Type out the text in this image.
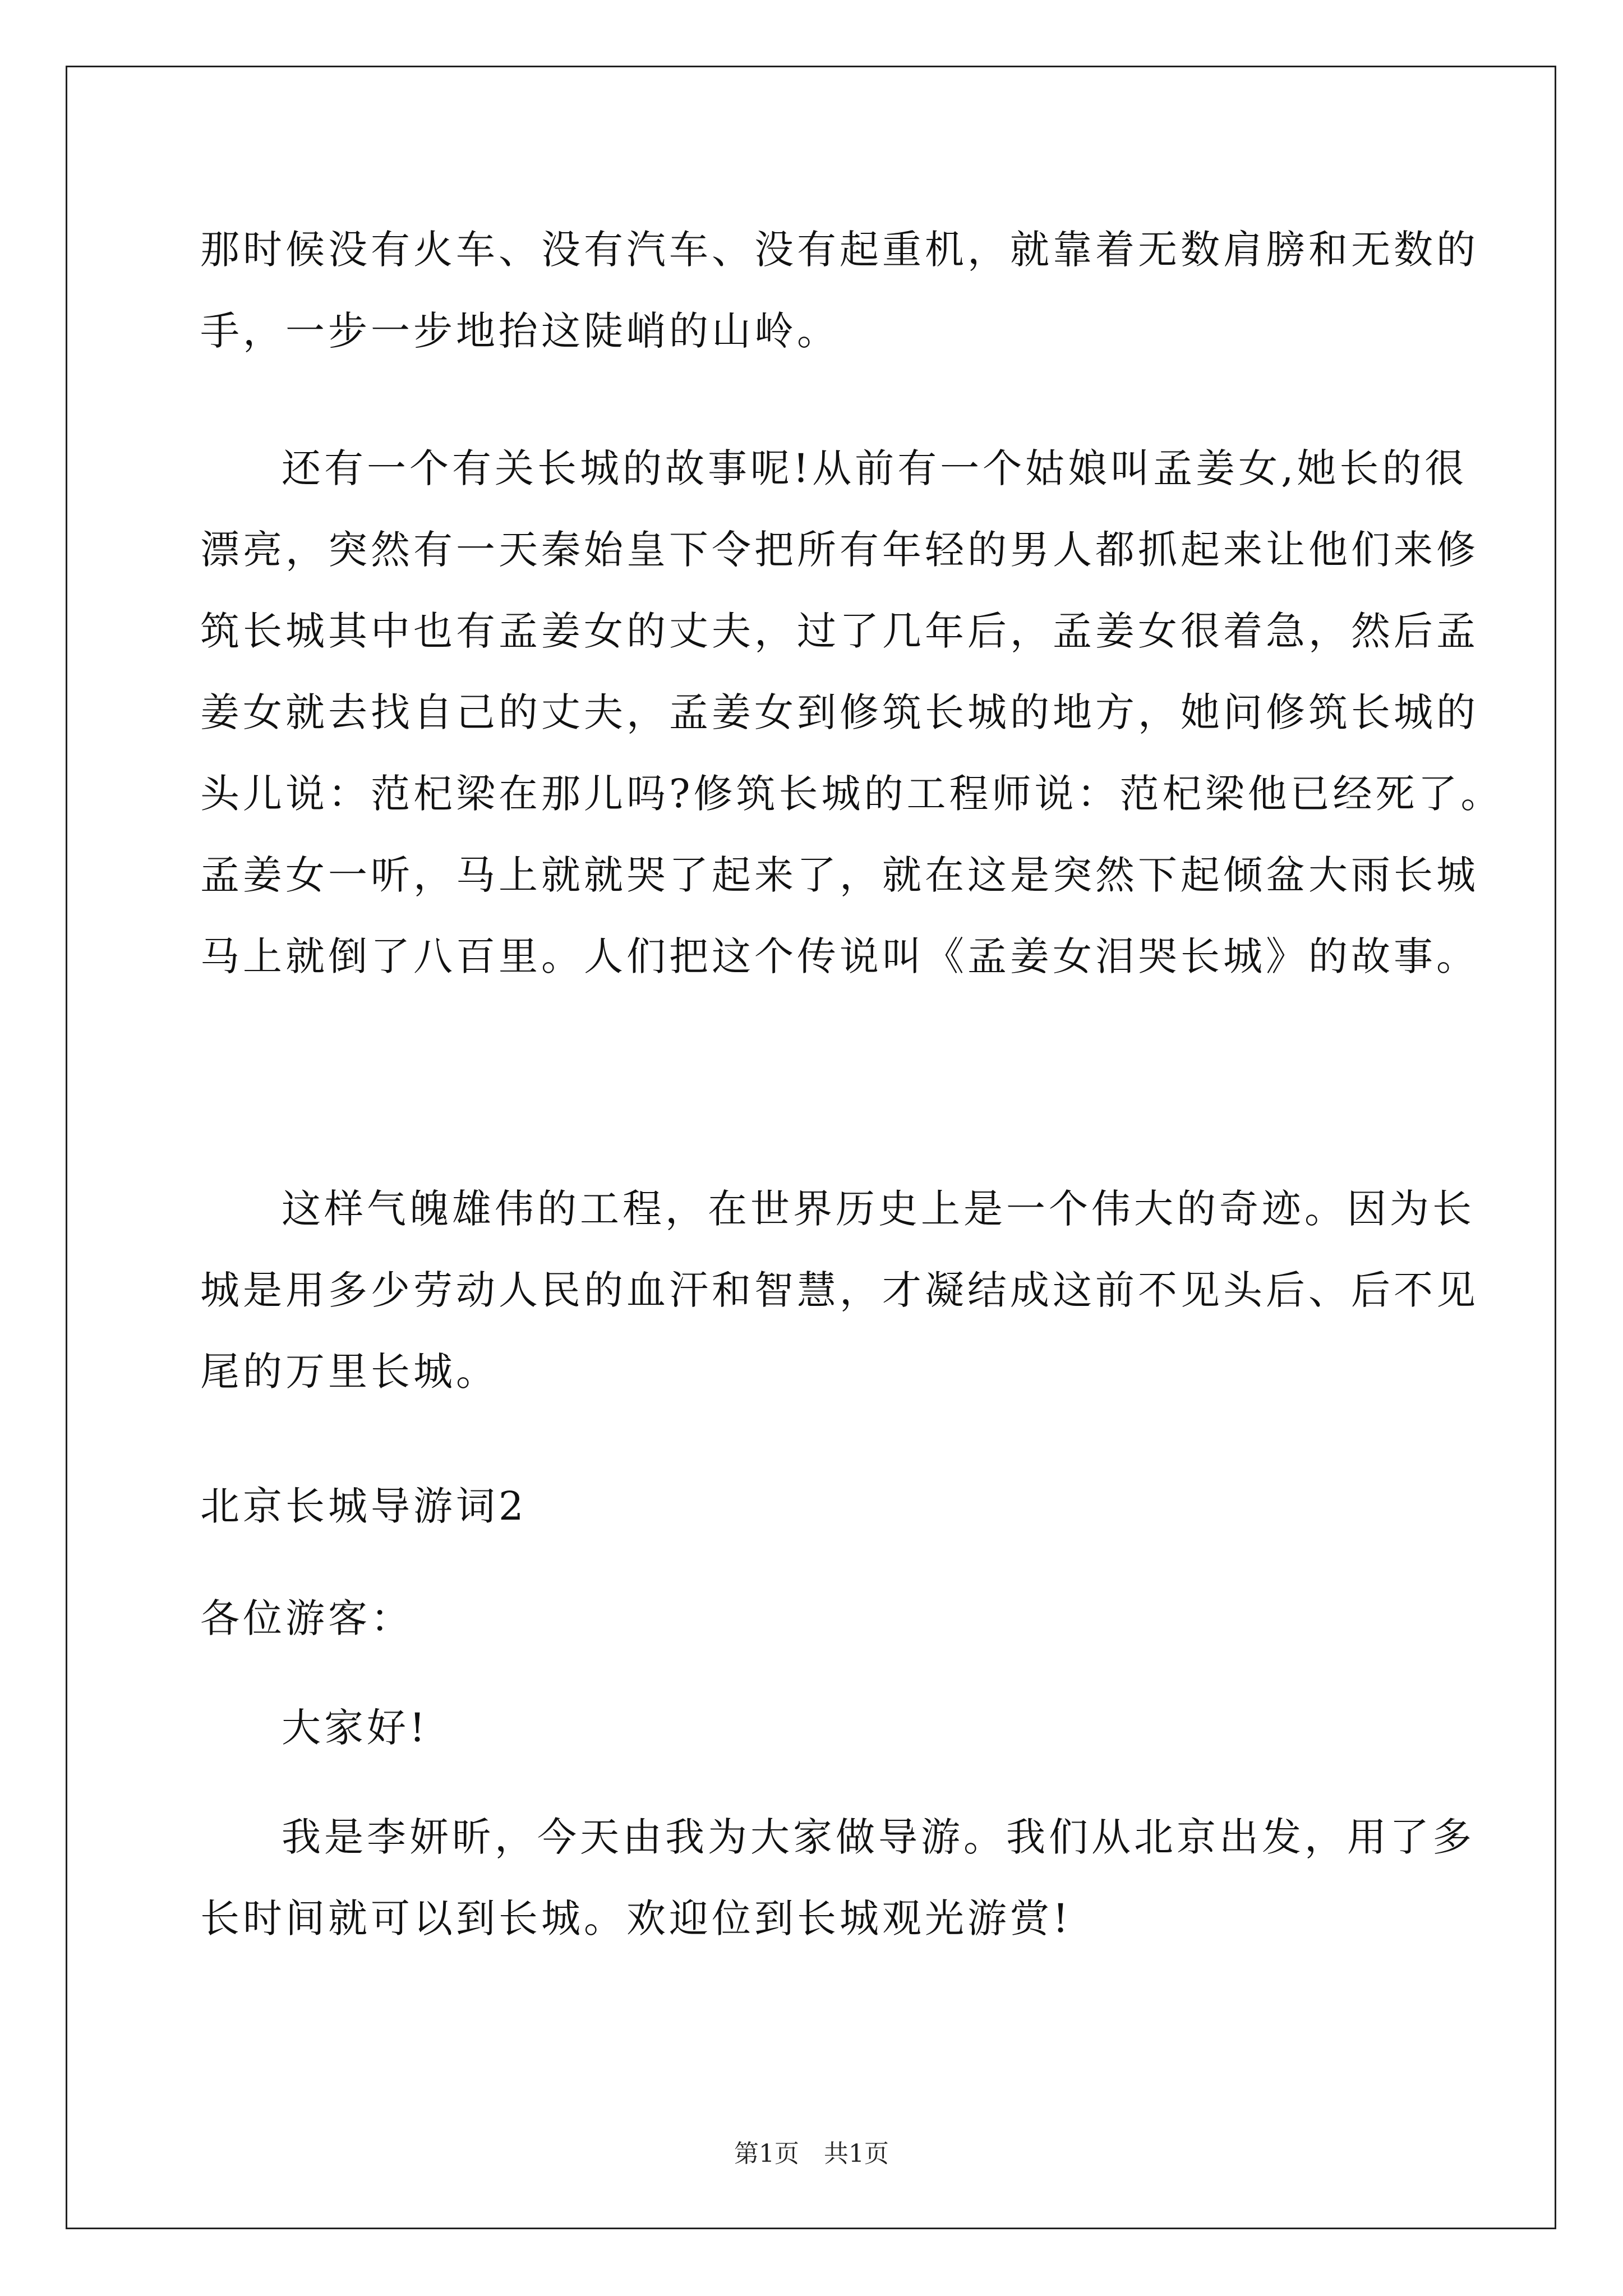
那时候没有火车、没有汽车、没有起重机，就靠着无数肩膀和无数的
手，一步一步地抬这陡峭的山岭。
还有一个有关长城的故事呢!从前有一个姑娘叫孟姜女,她长的很
漂亮，突然有一天秦始皇下令把所有年轻的男人都抓起来让他们来修
筑长城其中也有孟姜女的丈夫，过了几年后，孟姜女很着急，然后孟
姜女就去找自己的丈夫，孟姜女到修筑长城的地方，她问修筑长城的
头儿说：范杞梁在那儿吗?修筑长城的工程师说：范杞梁他已经死了。
孟姜女一听，马上就就哭了起来了，就在这是突然下起倾盆大雨长城
马上就倒了八百里。人们把这个传说叫《孟姜女泪哭长城》的故事。
这样气魄雄伟的工程，在世界历史上是一个伟大的奇迹。因为长
城是用多少劳动人民的血汗和智慧，才凝结成这前不见头后、后不见
尾的万里长城。
北京长城导游词2
各位游客：
大家好!
我是李妍昕，今天由我为大家做导游。我们从北京出发，用了多
长时间就可以到长城。欢迎位到长城观光游赏!
第1页　共1页
